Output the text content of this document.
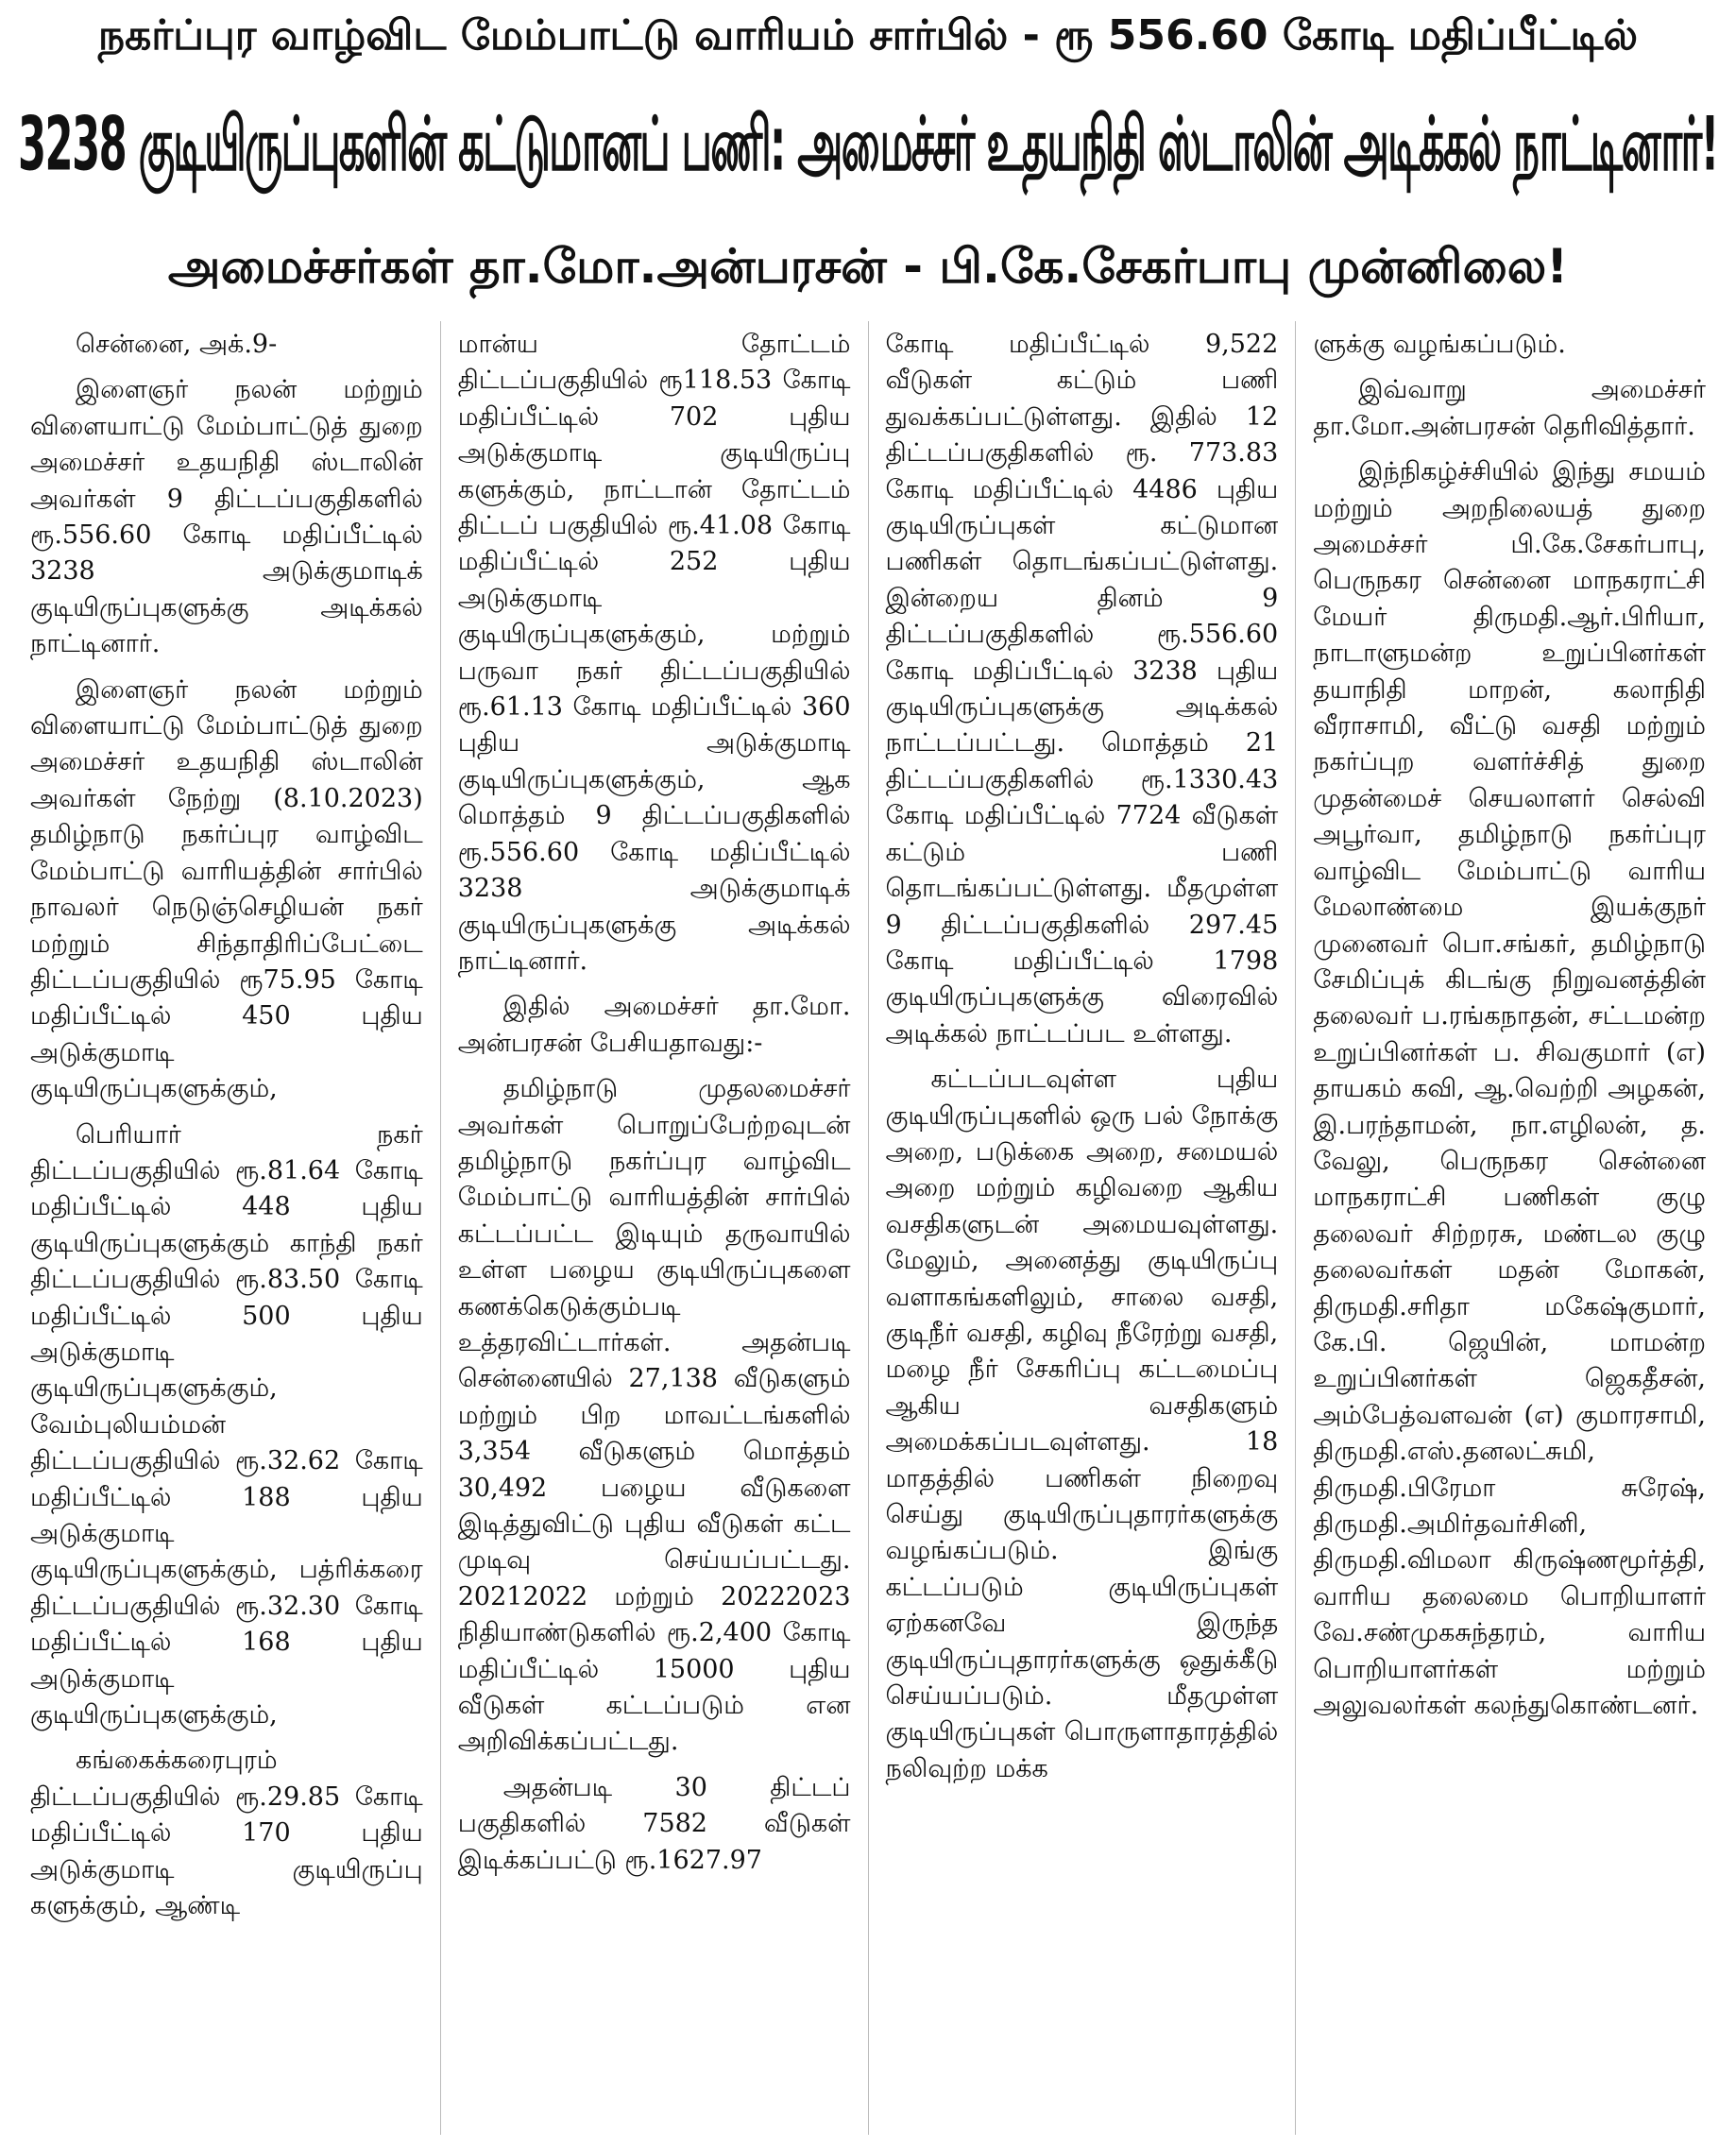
நகர்ப்புர வாழ்விட மேம்பாட்டு வாரியம் சார்பில் - ரூ 556.60 கோடி மதிப்பீட்டில்
3238 குடியிருப்புகளின் கட்டுமானப் பணி: அமைச்சர் உதயநிதி ஸ்டாலின் அடிக்கல் நாட்டினார்!
அமைச்சர்கள் தா.மோ.அன்பரசன் - பி.கே.சேகர்பாபு முன்னிலை!

சென்னை, அக்.9-

இளைஞர் நலன் மற்றும் விளையாட்டு மேம்பாட்டுத் துறை அமைச்சர் உதயநிதி ஸ்டாலின் அவர்கள் 9 திட்டப்பகுதிகளில் ரூ.556.60 கோடி மதிப்பீட்டில் 3238 அடுக்குமாடிக் குடியிருப்புகளுக்கு அடிக்கல் நாட்டினார்.

இளைஞர் நலன் மற்றும் விளையாட்டு மேம்பாட்டுத் துறை அமைச்சர் உதயநிதி ஸ்டாலின் அவர்கள் நேற்று (8.10.2023) தமிழ்நாடு நகர்ப்புர வாழ்விட மேம்பாட்டு வாரியத்தின் சார்பில் நாவலர் நெடுஞ்செழியன் நகர் மற்றும் சிந்தாதிரிப்பேட்டை திட்டப்பகுதியில் ரூ75.95 கோடி மதிப்பீட்டில் 450 புதிய அடுக்குமாடி குடியிருப்புகளுக்கும்,

பெரியார் நகர் திட்டப்பகுதியில் ரூ.81.64 கோடி மதிப்பீட்டில் 448 புதிய குடியிருப்புகளுக்கும் காந்தி நகர் திட்டப்பகுதியில் ரூ.83.50 கோடி மதிப்பீட்டில் 500 புதிய அடுக்குமாடி குடியிருப்புகளுக்கும், வேம்புலியம்மன் திட்டப்பகுதியில் ரூ.32.62 கோடி மதிப்பீட்டில் 188 புதிய அடுக்குமாடி குடியிருப்புகளுக்கும், பத்ரிக்கரை திட்டப்பகுதியில் ரூ.32.30 கோடி மதிப்பீட்டில் 168 புதிய அடுக்குமாடி குடியிருப்புகளுக்கும்,

கங்கைக்கரைபுரம் திட்டப்பகுதியில் ரூ.29.85 கோடி மதிப்பீட்டில் 170 புதிய அடுக்குமாடி குடியிருப்பு களுக்கும், ஆண்டி

மான்ய தோட்டம் திட்டப்பகுதியில் ரூ118.53 கோடி மதிப்பீட்டில் 702 புதிய அடுக்குமாடி குடியிருப்பு களுக்கும், நாட்டான் தோட்டம் திட்டப் பகுதியில் ரூ.41.08 கோடி மதிப்பீட்டில் 252 புதிய அடுக்குமாடி குடியிருப்புகளுக்கும், மற்றும் பருவா நகர் திட்டப்பகுதியில் ரூ.61.13 கோடி மதிப்பீட்டில் 360 புதிய அடுக்குமாடி குடியிருப்புகளுக்கும், ஆக மொத்தம் 9 திட்டப்பகுதிகளில் ரூ.556.60 கோடி மதிப்பீட்டில் 3238 அடுக்குமாடிக் குடியிருப்புகளுக்கு அடிக்கல் நாட்டினார்.

இதில் அமைச்சர் தா.மோ. அன்பரசன் பேசியதாவது:-

தமிழ்நாடு முதலமைச்சர் அவர்கள் பொறுப்பேற்றவுடன் தமிழ்நாடு நகர்ப்புர வாழ்விட மேம்பாட்டு வாரியத்தின் சார்பில் கட்டப்பட்ட இடியும் தருவாயில் உள்ள பழைய குடியிருப்புகளை கணக்கெடுக்கும்படி உத்தரவிட்டார்கள். அதன்படி சென்னையில் 27,138 வீடுகளும் மற்றும் பிற மாவட்டங்களில் 3,354 வீடுகளும் மொத்தம் 30,492 பழைய வீடுகளை இடித்துவிட்டு புதிய வீடுகள் கட்ட முடிவு செய்யப்பட்டது. 20212022 மற்றும் 20222023 நிதியாண்டுகளில் ரூ.2,400 கோடி மதிப்பீட்டில் 15000 புதிய வீடுகள் கட்டப்படும் என அறிவிக்கப்பட்டது.

அதன்படி 30 திட்டப் பகுதிகளில் 7582 வீடுகள் இடிக்கப்பட்டு ரூ.1627.97

கோடி மதிப்பீட்டில் 9,522 வீடுகள் கட்டும் பணி துவக்கப்பட்டுள்ளது. இதில் 12 திட்டப்பகுதிகளில் ரூ. 773.83 கோடி மதிப்பீட்டில் 4486 புதிய குடியிருப்புகள் கட்டுமான பணிகள் தொடங்கப்பட்டுள்ளது. இன்றைய தினம் 9 திட்டப்பகுதிகளில் ரூ.556.60 கோடி மதிப்பீட்டில் 3238 புதிய குடியிருப்புகளுக்கு அடிக்கல் நாட்டப்பட்டது. மொத்தம் 21 திட்டப்பகுதிகளில் ரூ.1330.43 கோடி மதிப்பீட்டில் 7724 வீடுகள் கட்டும் பணி தொடங்கப்பட்டுள்ளது. மீதமுள்ள 9 திட்டப்பகுதிகளில் 297.45 கோடி மதிப்பீட்டில் 1798 குடியிருப்புகளுக்கு விரைவில் அடிக்கல் நாட்டப்பட உள்ளது.

கட்டப்படவுள்ள புதிய குடியிருப்புகளில் ஒரு பல் நோக்கு அறை, படுக்கை அறை, சமையல் அறை மற்றும் கழிவறை ஆகிய வசதிகளுடன் அமையவுள்ளது. மேலும், அனைத்து குடியிருப்பு வளாகங்களிலும், சாலை வசதி, குடிநீர் வசதி, கழிவு நீரேற்று வசதி, மழை நீர் சேகரிப்பு கட்டமைப்பு ஆகிய வசதிகளும் அமைக்கப்படவுள்ளது. 18 மாதத்தில் பணிகள் நிறைவு செய்து குடியிருப்புதாரர்களுக்கு வழங்கப்படும். இங்கு கட்டப்படும் குடியிருப்புகள் ஏற்கனவே இருந்த குடியிருப்புதாரர்களுக்கு ஒதுக்கீடு செய்யப்படும். மீதமுள்ள குடியிருப்புகள் பொருளாதாரத்தில் நலிவுற்ற மக்க

ளுக்கு வழங்கப்படும்.

இவ்வாறு அமைச்சர் தா.மோ.அன்பரசன் தெரிவித்தார்.

இந்நிகழ்ச்சியில் இந்து சமயம் மற்றும் அறநிலையத் துறை அமைச்சர் பி.கே.சேகர்பாபு, பெருநகர சென்னை மாநகராட்சி மேயர் திருமதி.ஆர்.பிரியா, நாடாளுமன்ற உறுப்பினர்கள் தயாநிதி மாறன், கலாநிதி வீராசாமி, வீட்டு வசதி மற்றும் நகர்ப்புற வளர்ச்சித் துறை முதன்மைச் செயலாளர் செல்வி அபூர்வா, தமிழ்நாடு நகர்ப்புர வாழ்விட மேம்பாட்டு வாரிய மேலாண்மை இயக்குநர் முனைவர் பொ.சங்கர், தமிழ்நாடு சேமிப்புக் கிடங்கு நிறுவனத்தின் தலைவர் ப.ரங்கநாதன், சட்டமன்ற உறுப்பினர்கள் ப. சிவகுமார் (எ) தாயகம் கவி, ஆ.வெற்றி அழகன், இ.பரந்தாமன், நா.எழிலன், த. வேலு, பெருநகர சென்னை மாநகராட்சி பணிகள் குழு தலைவர் சிற்றரசு, மண்டல குழு தலைவர்கள் மதன் மோகன், திருமதி.சரிதா மகேஷ்குமார், கே.பி. ஜெயின், மாமன்ற உறுப்பினர்கள் ஜெகதீசன், அம்பேத்வளவன் (எ) குமாரசாமி, திருமதி.எஸ்.தனலட்சுமி, திருமதி.பிரேமா சுரேஷ், திருமதி.அமிர்தவர்சினி, திருமதி.விமலா கிருஷ்ணமூர்த்தி, வாரிய தலைமை பொறியாளர் வே.சண்முகசுந்தரம், வாரிய பொறியாளர்கள் மற்றும் அலுவலர்கள் கலந்துகொண்டனர்.
